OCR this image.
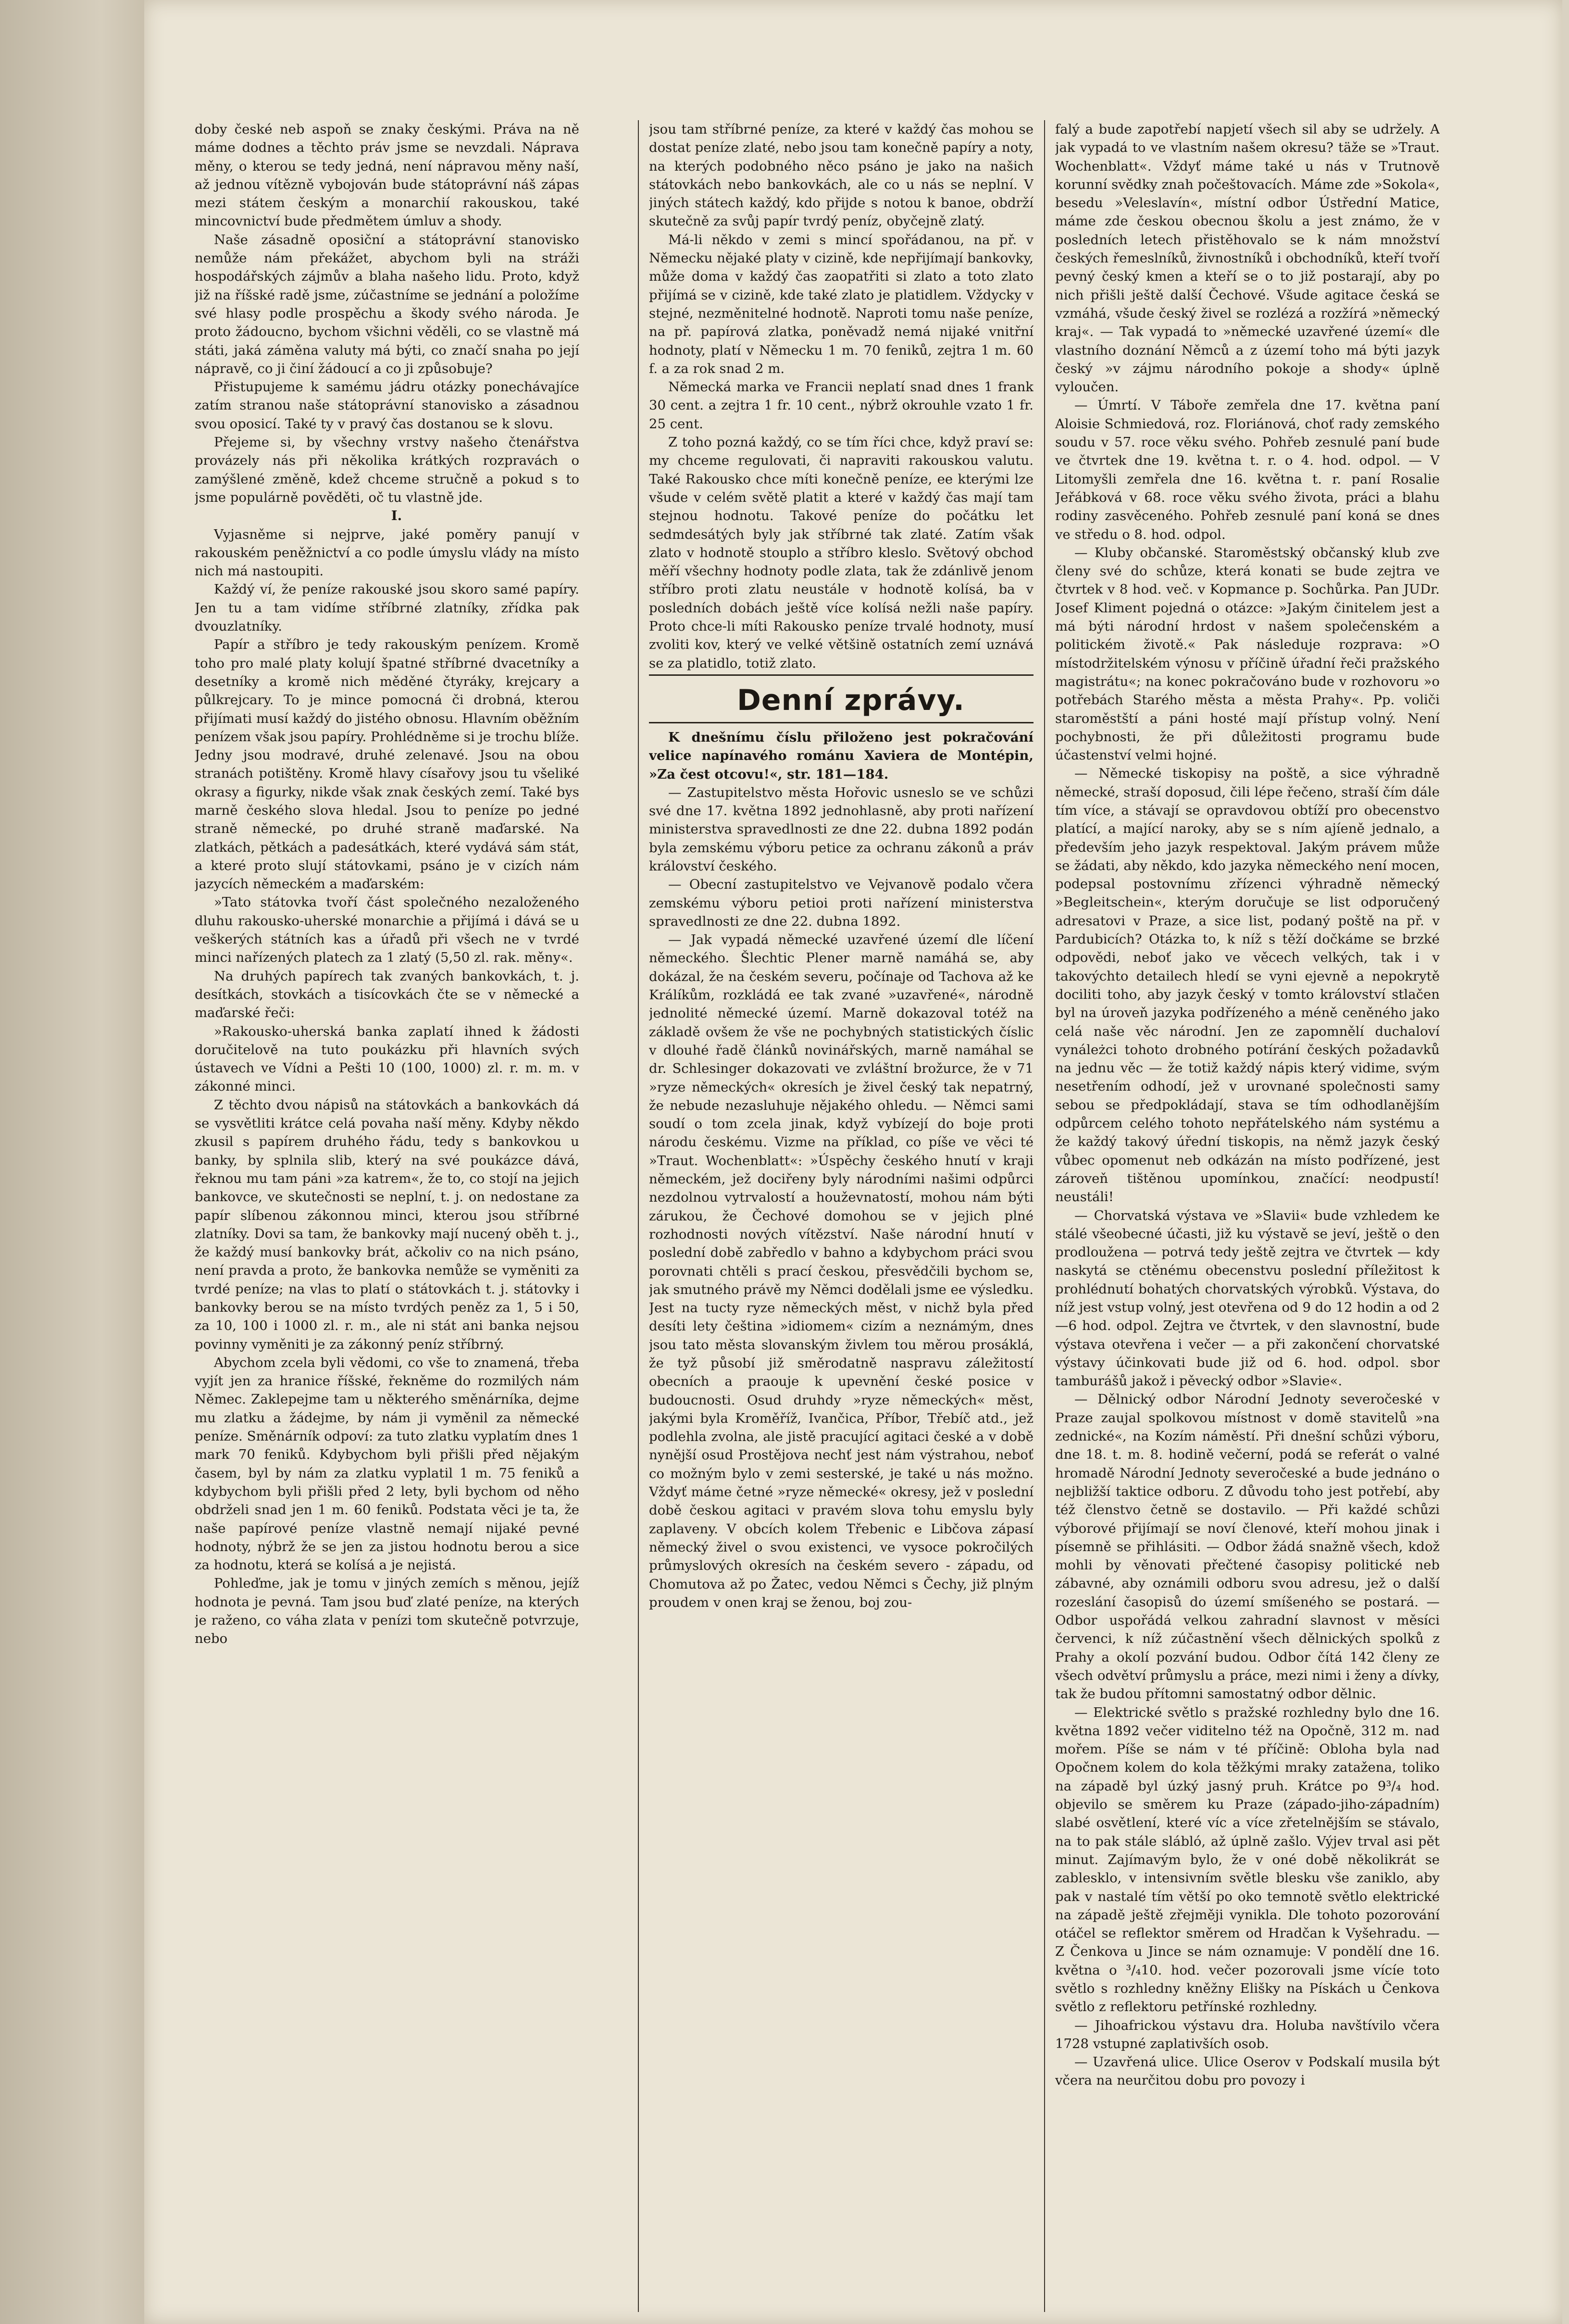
doby české neb aspoň se znaky českými. Práva na ně máme dodnes a těchto práv jsme se nevzdali. Náprava měny, o kterou se tedy jedná, není nápravou měny naší, až jednou vítězně vybojován bude státoprávní náš zápas mezi státem českým a monarchií rakouskou, také mincovnictví bude předmětem úmluv a shody.

Naše zásadně oposiční a státoprávní stanovisko nemůže nám překážet, abychom byli na stráži hospodářských zájmův a blaha našeho lidu. Proto, když již na říšské radě jsme, zúčastníme se jednání a položíme své hlasy podle prospěchu a škody svého národa. Je proto žádoucno, bychom všichni věděli, co se vlastně má státi, jaká záměna valuty má býti, co značí snaha po její nápravě, co ji činí žádoucí a co ji způsobuje?

Přistupujeme k samému jádru otázky ponechávajíce zatím stranou naše státoprávní stanovisko a zásadnou svou oposicí. Také ty v pravý čas dostanou se k slovu.

Přejeme si, by všechny vrstvy našeho čtenářstva provázely nás při několika krátkých rozpravách o zamýšlené změně, kdež chceme stručně a pokud s to jsme populárně pověděti, oč tu vlastně jde.

I.

Vyjasněme si nejprve, jaké poměry panují v rakouském peněžnictví a co podle úmyslu vlády na místo nich má nastoupiti.

Každý ví, že peníze rakouské jsou skoro samé papíry. Jen tu a tam vidíme stříbrné zlatníky, zřídka pak dvouzlatníky.

Papír a stříbro je tedy rakouským penízem. Kromě toho pro malé platy kolují špatné stříbrné dvacetníky a desetníky a kromě nich měděné čtyráky, krejcary a půlkrejcary. To je mince pomocná či drobná, kterou přijímati musí každý do jistého obnosu. Hlavním oběžním penízem však jsou papíry. Prohlédněme si je trochu blíže. Jedny jsou modravé, druhé zelenavé. Jsou na obou stranách potištěny. Kromě hlavy císařovy jsou tu všeliké okrasy a figurky, nikde však znak českých zemí. Také bys marně českého slova hledal. Jsou to peníze po jedné straně německé, po druhé straně maďarské. Na zlatkách, pětkách a padesátkách, které vydává sám stát, a které proto slují státovkami, psáno je v cizích nám jazycích německém a maďarském:

»Tato státovka tvoří část společného nezaloženého dluhu rakousko-uherské monarchie a přijímá i dává se u veškerých státních kas a úřadů při všech ne v tvrdé minci nařízených platech za 1 zlatý (5,50 zl. rak. měny«.

Na druhých papírech tak zvaných bankovkách, t. j. desítkách, stovkách a tisícovkách čte se v německé a maďarské řeči:

»Rakousko-uherská banka zaplatí ihned k žádosti doručitelově na tuto poukázku při hlavních svých ústavech ve Vídni a Pešti 10 (100, 1000) zl. r. m. m. v zákonné minci.

Z těchto dvou nápisů na státovkách a bankovkách dá se vysvětliti krátce celá povaha naší měny. Kdyby někdo zkusil s papírem druhého řádu, tedy s bankovkou u banky, by splnila slib, který na své poukázce dává, řeknou mu tam páni »za katrem«, že to, co stojí na jejich bankovce, ve skutečnosti se neplní, t. j. on nedostane za papír slíbenou zákonnou minci, kterou jsou stříbrné zlatníky. Dovi sa tam, že bankovky mají nucený oběh t. j., že každý musí bankovky brát, ačkoliv co na nich psáno, není pravda a proto, že bankovka nemůže se vyměniti za tvrdé peníze; na vlas to platí o státovkách t. j. státovky i bankovky berou se na místo tvrdých peněz za 1, 5 i 50, za 10, 100 i 1000 zl. r. m., ale ni stát ani banka nejsou povinny vyměniti je za zákonný peníz stříbrný.

Abychom zcela byli vědomi, co vše to znamená, třeba vyjít jen za hranice říšské, řekněme do rozmilých nám Němec. Zaklepejme tam u některého směnárníka, dejme mu zlatku a žádejme, by nám ji vyměnil za německé peníze. Směnárník odpoví: za tuto zlatku vyplatím dnes 1 mark 70 feniků. Kdybychom byli přišli před nějakým časem, byl by nám za zlatku vyplatil 1 m. 75 feniků a kdybychom byli přišli před 2 lety, byli bychom od něho obdrželi snad jen 1 m. 60 feniků. Podstata věci je ta, že naše papírové peníze vlastně nemají nijaké pevné hodnoty, nýbrž že se jen za jistou hodnotu berou a sice za hodnotu, která se kolísá a je nejistá.

Pohleďme, jak je tomu v jiných zemích s měnou, jejíž hodnota je pevná. Tam jsou buď zlaté peníze, na kterých je raženo, co váha zlata v penízi tom skutečně potvrzuje, nebo

jsou tam stříbrné peníze, za které v každý čas mohou se dostat peníze zlaté, nebo jsou tam konečně papíry a noty, na kterých podobného něco psáno je jako na našich státovkách nebo bankovkách, ale co u nás se neplní. V jiných státech každý, kdo přijde s notou k banoe, obdrží skutečně za svůj papír tvrdý peníz, obyčejně zlatý.

Má-li někdo v zemi s mincí spořádanou, na př. v Německu nějaké platy v cizině, kde nepřijímají bankovky, může doma v každý čas zaopatřiti si zlato a toto zlato přijímá se v cizině, kde také zlato je platidlem. Vždycky v stejné, nezměnitelné hodnotě. Naproti tomu naše peníze, na př. papírová zlatka, poněvadž nemá nijaké vnitřní hodnoty, platí v Německu 1 m. 70 feniků, zejtra 1 m. 60 f. a za rok snad 2 m.

Německá marka ve Francii neplatí snad dnes 1 frank 30 cent. a zejtra 1 fr. 10 cent., nýbrž okrouhle vzato 1 fr. 25 cent.

Z toho pozná každý, co se tím říci chce, když praví se: my chceme regulovati, či napraviti rakouskou valutu. Také Rakousko chce míti konečně peníze, ee kterými lze všude v celém světě platit a které v každý čas mají tam stejnou hodnotu. Takové peníze do počátku let sedmdesátých byly jak stříbrné tak zlaté. Zatím však zlato v hodnotě stouplo a stříbro kleslo. Světový obchod měří všechny hodnoty podle zlata, tak že zdánlivě jenom stříbro proti zlatu neustále v hodnotě kolísá, ba v posledních dobách ještě více kolísá nežli naše papíry. Proto chce-li míti Rakousko peníze trvalé hodnoty, musí zvoliti kov, který ve velké většině ostatních zemí uznává se za platidlo, totiž zlato.

Denní zprávy.

K dnešnímu číslu přiloženo jest pokračování velice napínavého románu Xaviera de Montépin, »Za čest otcovu!«, str. 181—184.

— Zastupitelstvo města Hořovic usneslo se ve schůzi své dne 17. května 1892 jednohlasně, aby proti nařízení ministerstva spravedlnosti ze dne 22. dubna 1892 podán byla zemskému výboru petice za ochranu zákonů a práv království českého.

— Obecní zastupitelstvo ve Vejvanově podalo včera zemskému výboru petioi proti nařízení ministerstva spravedlnosti ze dne 22. dubna 1892.

— Jak vypadá německé uzavřené území dle líčení německého. Šlechtic Plener marně namáhá se, aby dokázal, že na českém severu, počínaje od Tachova až ke Králíkům, rozkládá ee tak zvané »uzavřené«, národně jednolité německé území. Marně dokazoval totéž na základě ovšem že vše ne pochybných statistických číslic v dlouhé řadě článků novinářských, marně namáhal se dr. Schlesinger dokazovati ve zvláštní brožurce, že v 71 »ryze německých« okresích je živel český tak nepatrný, že nebude nezasluhuje nějakého ohledu. — Němci sami soudí o tom zcela jinak, když vybízejí do boje proti národu českému. Vizme na příklad, co píše ve věci té »Traut. Wochenblatt«: »Úspěchy českého hnutí v kraji německém, jež dociřeny byly národními našimi odpůrci nezdolnou vytrvalostí a houževnatostí, mohou nám býti zárukou, že Čechové domohou se v jejich plné rozhodnosti nových vítězství. Naše národní hnutí v poslední době zabředlo v bahno a kdybychom práci svou porovnati chtěli s prací českou, přesvědčili bychom se, jak smutného právě my Němci dodělali jsme ee výsledku. Jest na tucty ryze německých měst, v nichž byla před desíti lety čeština »idiomem« cizím a neznámým, dnes jsou tato města slovanským živlem tou měrou prosáklá, že tyž působí již směrodatně naspravu záležitostí obecních a praouje k upevnění české posice v budoucnosti. Osud druhdy »ryze německých« měst, jakými byla Kroměříž, Ivančica, Příbor, Třebíč atd., jež podlehla zvolna, ale jistě pracující agitaci české a v době nynější osud Prostějova nechť jest nám výstrahou, neboť co možným bylo v zemi sesterské, je také u nás možno. Vždyť máme četné »ryze německé« okresy, jež v poslední době českou agitaci v pravém slova tohu emyslu byly zaplaveny. V obcích kolem Třebenic e Libčova zápasí německý živel o svou existenci, ve vysoce pokročilých průmyslových okresích na českém severo - západu, od Chomutova až po Žatec, vedou Němci s Čechy, již plným proudem v onen kraj se ženou, boj zou-

falý a bude zapotřebí napjetí všech sil aby se udržely. A jak vypadá to ve vlastním našem okresu? täže se »Traut. Wochenblatt«. Vždyť máme také u nás v Trutnově korunní svědky znah počeštovacích. Máme zde »Sokola«, besedu »Veleslavín«, místní odbor Ústřední Matice, máme zde českou obecnou školu a jest známo, že v posledních letech přistěhovalo se k nám množství českých řemeslníků, živnostníků i obchodníků, kteří tvoří pevný český kmen a kteří se o to již postarají, aby po nich přišli ještě další Čechové. Všude agitace česká se vzmáhá, všude český živel se rozlézá a rozžírá »německý kraj«. — Tak vypadá to »německé uzavřené území« dle vlastního doznání Němců a z území toho má býti jazyk český »v zájmu národního pokoje a shody« úplně vyloučen.

— Úmrtí. V Táboře zemřela dne 17. května paní Aloisie Schmiedová, roz. Floriánová, choť rady zemského soudu v 57. roce věku svého. Pohřeb zesnulé paní bude ve čtvrtek dne 19. května t. r. o 4. hod. odpol. — V Litomyšli zemřela dne 16. května t. r. paní Rosalie Jeřábková v 68. roce věku svého života, práci a blahu rodiny zasvěceného. Pohřeb zesnulé paní koná se dnes ve středu o 8. hod. odpol.

— Kluby občanské. Staroměstský občanský klub zve členy své do schůze, která konati se bude zejtra ve čtvrtek v 8 hod. več. v Kopmance p. Sochůrka. Pan JUDr. Josef Kliment pojedná o otázce: »Jakým činitelem jest a má býti národní hrdost v našem společenském a politickém životě.« Pak následuje rozprava: »O místodržitelském výnosu v příčině úřadní řeči pražského magistrátu«; na konec pokračováno bude v rozhovoru »o potřebách Starého města a města Prahy«. Pp. voliči staroměstští a páni hosté mají přístup volný. Není pochybnosti, že při důležitosti programu bude účastenství velmi hojné.

— Německé tiskopisy na poště, a sice výhradně německé, straší doposud, čili lépe řečeno, straší čím dále tím více, a stávají se opravdovou obtíží pro obecenstvo platící, a mající naroky, aby se s ním ajíeně jednalo, a především jeho jazyk respektoval. Jakým právem může se žádati, aby někdo, kdo jazyka německého není mocen, podepsal postovnímu zřízenci výhradně německý »Begleitschein«, kterým doručuje se list odporučený adresatovi v Praze, a sice list, podaný poště na př. v Pardubicích? Otázka to, k níž s těží dočkáme se brzké odpovědi, neboť jako ve věcech velkých, tak i v takovýchto detailech hledí se vyni ejevně a nepokrytě dociliti toho, aby jazyk český v tomto království stlačen byl na úroveň jazyka podřízeného a méně ceněného jako celá naše věc národní. Jen ze zapomnělí duchaloví vynáleżci tohoto drobného potírání českých požadavků na jednu věc — že totiž každý nápis který vidime, svým nesetřením odhodí, jež v urovnané společnosti samy sebou se předpokládají, stava se tím odhodlanějším odpůrcem celého tohoto nepřátelského nám systému a že každý takový úřední tiskopis, na němž jazyk český vůbec opomenut neb odkázán na místo podřízené, jest zároveň tištěnou upomínkou, značící: neodpustí! neustáli!

— Chorvatská výstava ve »Slavii« bude vzhledem ke stálé všeobecné účasti, již ku výstavě se jeví, ještě o den prodloužena — potrvá tedy ještě zejtra ve čtvrtek — kdy naskytá se ctěnému obecenstvu poslední příležitost k prohlédnutí bohatých chorvatských výrobků. Výstava, do níž jest vstup volný, jest otevřena od 9 do 12 hodin a od 2—6 hod. odpol. Zejtra ve čtvrtek, v den slavnostní, bude výstava otevřena i večer — a při zakončení chorvatské výstavy účinkovati bude již od 6. hod. odpol. sbor tamburášů jakož i pěvecký odbor »Slavie«.

— Dělnický odbor Národní Jednoty severočeské v Praze zaujal spolkovou místnost v domě stavitelů »na zednické«, na Kozím náměstí. Při dnešní schůzi výboru, dne 18. t. m. 8. hodině večerní, podá se referát o valné hromadě Národní Jednoty severočeské a bude jednáno o nejbližší taktice odboru. Z důvodu toho jest potřebí, aby též členstvo četně se dostavilo. — Při každé schůzi výborové přijímají se noví členové, kteří mohou jinak i písemně se přihlásiti. — Odbor žádá snažně všech, kdož mohli by věnovati přečtené časopisy politické neb zábavné, aby oznámili odboru svou adresu, jež o další rozeslání časopisů do území smíšeného se postará. — Odbor uspořádá velkou zahradní slavnost v měsíci červenci, k níž zúčastnění všech dělnických spolků z Prahy a okolí pozvání budou. Odbor čítá 142 členy ze všech odvětví průmyslu a práce, mezi nimi i ženy a dívky, tak že budou přítomni samostatný odbor dělnic.

— Elektrické světlo s pražské rozhledny bylo dne 16. května 1892 večer viditelno též na Opočně, 312 m. nad mořem. Píše se nám v té příčině: Obloha byla nad Opočnem kolem do kola těžkými mraky zatažena, toliko na západě byl úzký jasný pruh. Krátce po 9³/₄ hod. objevilo se směrem ku Praze (západo-jiho-západním) slabé osvětlení, které víc a více zřetelnějším se stávalo, na to pak stále slábló, až úplně zašlo. Výjev trval asi pět minut. Zajímavým bylo, že v oné době několikrát se zablesklo, v intensivním světle blesku vše zaniklo, aby pak v nastalé tím větší po oko temnotě světlo elektrické na západě ještě zřejměji vynikla. Dle tohoto pozorování otáčel se reflektor směrem od Hradčan k Vyšehradu. — Z Čenkova u Jince se nám oznamuje: V pondělí dne 16. května o ³/₄10. hod. večer pozorovali jsme vícíe toto světlo s rozhledny kněžny Elišky na Pískách u Čenkova světlo z reflektoru petřínské rozhledny.

— Jihoafrickou výstavu dra. Holuba navštívilo včera 1728 vstupné zaplativších osob.

— Uzavřená ulice. Ulice Oserov v Podskalí musila být včera na neurčitou dobu pro povozy i
